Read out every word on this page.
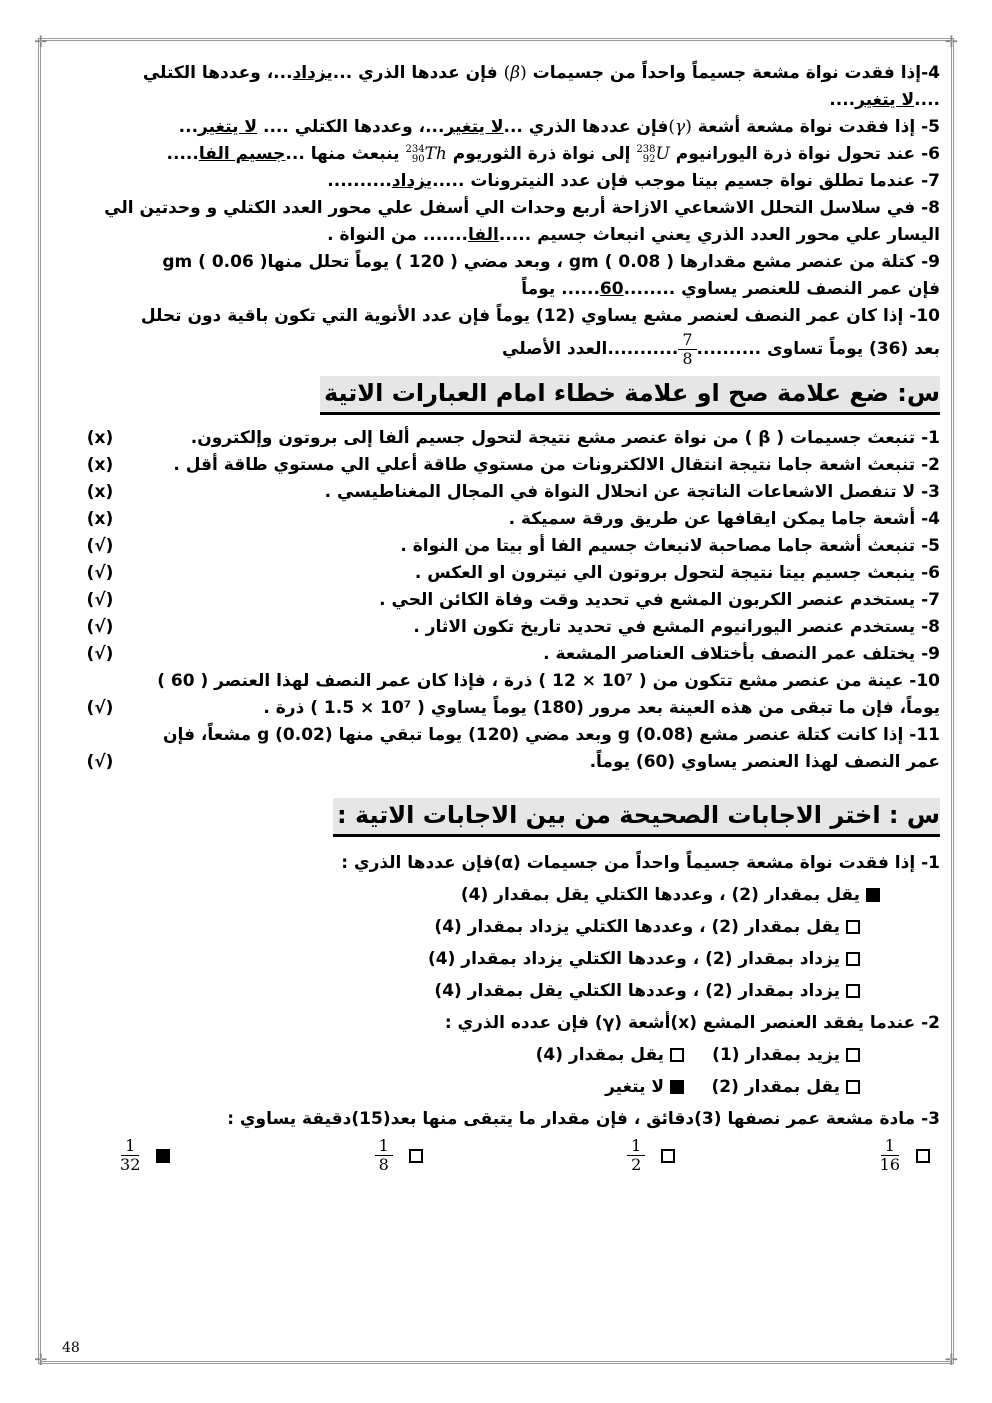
✛	✛
✛	✛
4-إذا فقدت نواة مشعة جسيماً واحداً من جسيمات (β) فإن عددها الذري ...يزداد...، وعددها الكتلي
....لا يتغير....
5- إذا فقدت نواة مشعة أشعة (γ)فإن عددها الذري ...لا يتغير...، وعددها الكتلي .... لا يتغير...
6- عند تحول نواة ذرة اليورانيوم
238
92 U إلى نواة ذرة الثوريوم
234
90 Th ينبعث منها ...جسيم الفا.....
7- عندما تطلق نواة جسيم بيتا موجب فإن عدد النيترونات .....يزداد..........
8- في سلاسل التحلل الاشعاعي الازاحة أربع وحدات الي أسفل علي محور العدد الكتلي و وحدتين الي
اليسار علي محور العدد الذري يعني انبعاث جسيم .....الفا....... من النواة .
9- كتلة من عنصر مشع مقدارها gm ( 0.08 ) ، وبعد مضي ( 120 ) يوماً تحلل منهاgm ( 0.06 )
فإن عمر النصف للعنصر يساوي ........60...... يوماً
10- إذا كان عمر النصف لعنصر مشع يساوي (12) يوماً فإن عدد الأنوية التي تكون باقية دون تحلل
بعد (36) يوماً تساوى ..........
$\frac{7}{8}$
...........العدد الأصلي
س: ضع علامة صح او علامة خطاء امام العبارات الاتية
1- تنبعث جسيمات ( β ) من نواة عنصر مشع نتيجة لتحول جسيم ألفا إلى بروتون وإلكترون.
(x)
2- تنبعث اشعة جاما نتيجة انتقال الالكترونات من مستوي طاقة أعلي الي مستوي طاقة أقل .
(x)
3- لا تنفصل الاشعاعات الناتجة عن انحلال النواة في المجال المغناطيسي .
(x)
4- أشعة جاما يمكن ايقافها عن طريق ورقة سميكة .
(x)
5- تنبعث أشعة جاما مصاحبة لانبعاث جسيم الفا أو بيتا من النواة .
(√)
6- ينبعث جسيم بيتا نتيجة لتحول بروتون الي نيترون او العكس .
(√)
7- يستخدم عنصر الكربون المشع في تحديد وقت وفاة الكائن الحي .
(√)
8- يستخدم عنصر اليورانيوم المشع في تحديد تاريخ تكون الاثار .
(√)
9- يختلف عمر النصف بأختلاف العناصر المشعة .
(√)
10- عينة من عنصر مشع تتكون من ( 10⁷ × 12 ) ذرة ، فإذا كان عمر النصف لهذا العنصر ( 60 )
يوماً، فإن ما تبقى من هذه العينة بعد مرور (180) يوماً يساوي ( 10⁷ × 1.5 ) ذرة .
(√)
11- إذا كانت كتلة عنصر مشع g (0.08) وبعد مضي (120) يوما تبقي منها g (0.02) مشعاً، فإن
عمر النصف لهذا العنصر يساوي (60) يوماً.
(√)
س : اختر الاجابات الصحيحة من بين الاجابات الاتية :
1- إذا فقدت نواة مشعة جسيماً واحداً من جسيمات (α)فإن عددها الذري :
يقل بمقدار (2) ، وعددها الكتلي يقل بمقدار (4)
يقل بمقدار (2) ، وعددها الكتلي يزداد بمقدار (4)
يزداد بمقدار (2) ، وعددها الكتلي يزداد بمقدار (4)
يزداد بمقدار (2) ، وعددها الكتلي يقل بمقدار (4)
2- عندما يفقد العنصر المشع (x)أشعة (γ) فإن عدده الذري :
يزيد بمقدار (1) يقل بمقدار (4)
يقل بمقدار (2) لا يتغير
3- مادة مشعة عمر نصفها (3)دقائق ، فإن مقدار ما يتبقى منها بعد(15)دقيقة يساوي :
$\frac{1}{16}$
$\frac{1}{2}$
$\frac{1}{8}$
$\frac{1}{32}$
48
